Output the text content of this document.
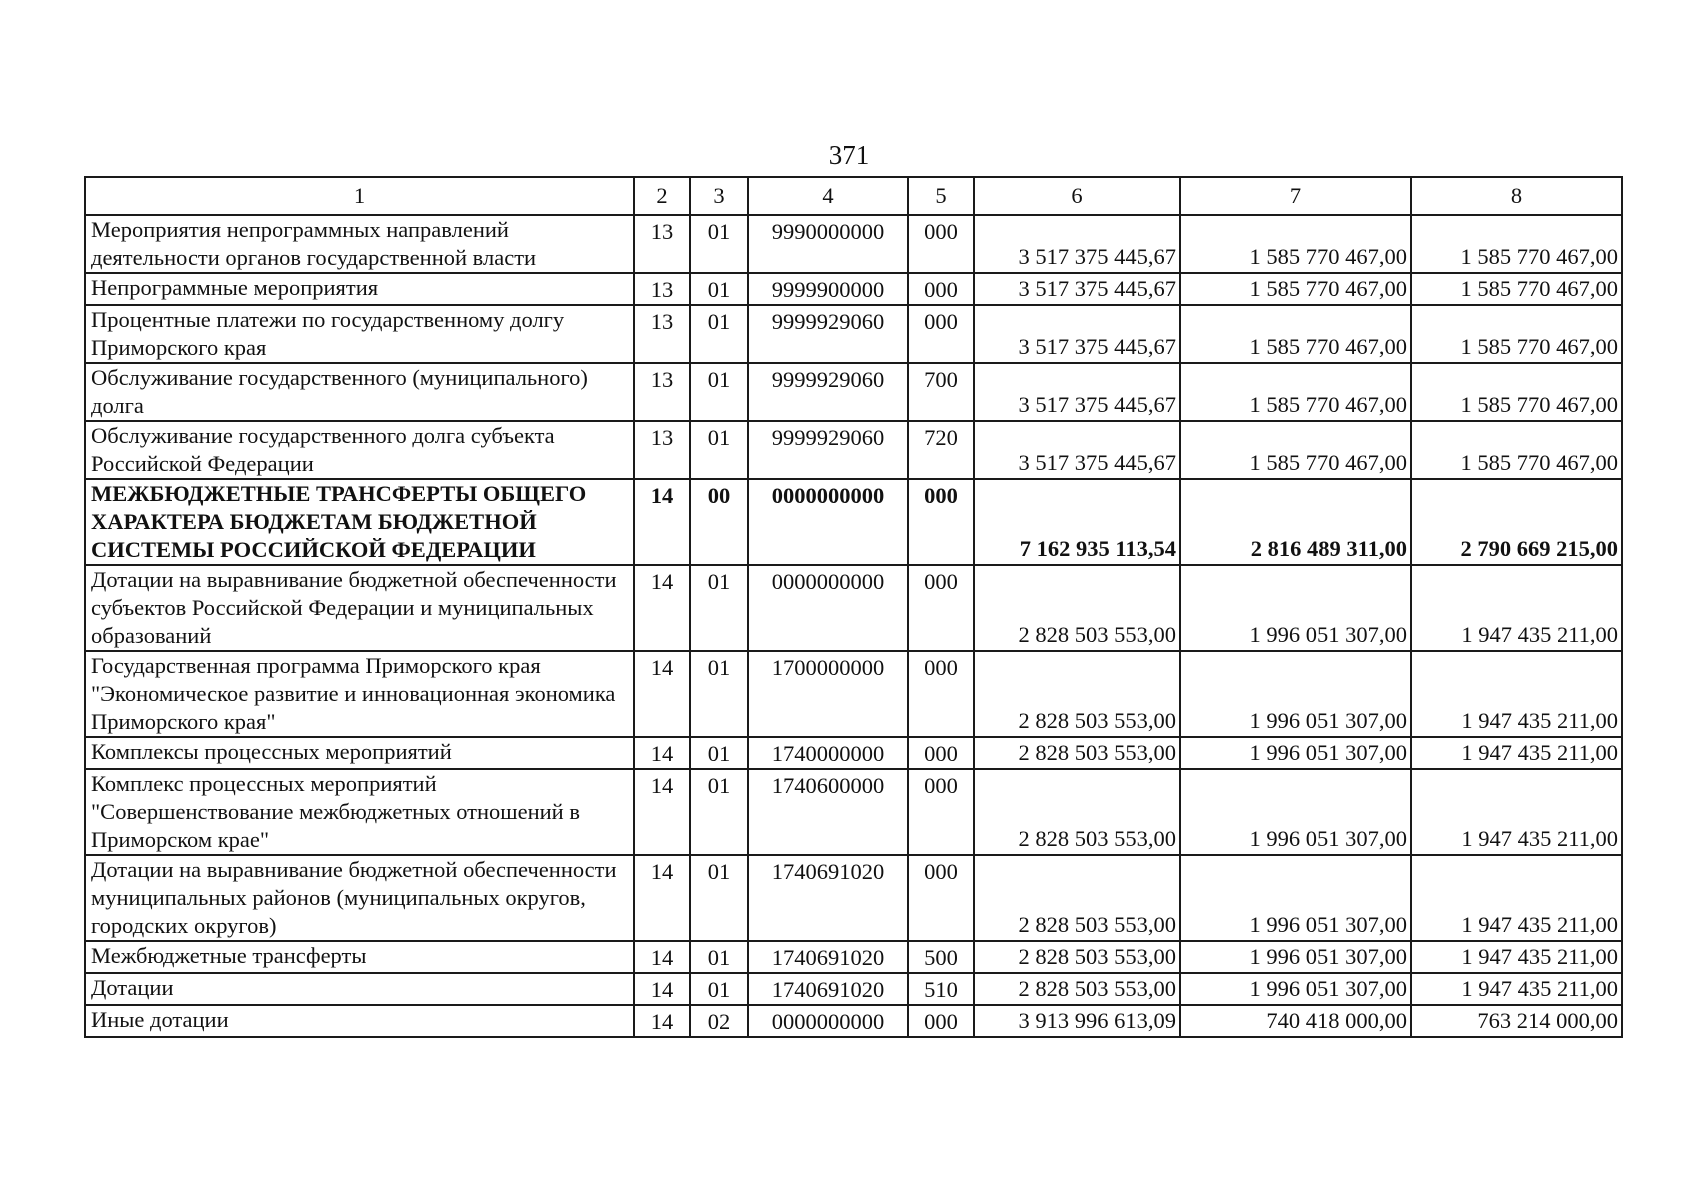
371
1	2	3	4	5	6	7	8
Мероприятия непрограммных направлений деятельности органов государственной власти	13	01	9990000000	000	3 517 375 445,67	1 585 770 467,00	1 585 770 467,00
Непрограммные мероприятия	13	01	9999900000	000	3 517 375 445,67	1 585 770 467,00	1 585 770 467,00
Процентные платежи по государственному долгу Приморского края	13	01	9999929060	000	3 517 375 445,67	1 585 770 467,00	1 585 770 467,00
Обслуживание государственного (муниципального) долга	13	01	9999929060	700	3 517 375 445,67	1 585 770 467,00	1 585 770 467,00
Обслуживание государственного долга субъекта Российской Федерации	13	01	9999929060	720	3 517 375 445,67	1 585 770 467,00	1 585 770 467,00
МЕЖБЮДЖЕТНЫЕ ТРАНСФЕРТЫ ОБЩЕГО ХАРАКТЕРА БЮДЖЕТАМ БЮДЖЕТНОЙ СИСТЕМЫ РОССИЙСКОЙ ФЕДЕРАЦИИ	14	00	0000000000	000	7 162 935 113,54	2 816 489 311,00	2 790 669 215,00
Дотации на выравнивание бюджетной обеспеченности субъектов Российской Федерации и муниципальных образований	14	01	0000000000	000	2 828 503 553,00	1 996 051 307,00	1 947 435 211,00
Государственная программа Приморского края "Экономическое развитие и инновационная экономика Приморского края"	14	01	1700000000	000	2 828 503 553,00	1 996 051 307,00	1 947 435 211,00
Комплексы процессных мероприятий	14	01	1740000000	000	2 828 503 553,00	1 996 051 307,00	1 947 435 211,00
Комплекс процессных мероприятий "Совершенствование межбюджетных отношений в Приморском крае"	14	01	1740600000	000	2 828 503 553,00	1 996 051 307,00	1 947 435 211,00
Дотации на выравнивание бюджетной обеспеченности муниципальных районов (муниципальных округов, городских округов)	14	01	1740691020	000	2 828 503 553,00	1 996 051 307,00	1 947 435 211,00
Межбюджетные трансферты	14	01	1740691020	500	2 828 503 553,00	1 996 051 307,00	1 947 435 211,00
Дотации	14	01	1740691020	510	2 828 503 553,00	1 996 051 307,00	1 947 435 211,00
Иные дотации	14	02	0000000000	000	3 913 996 613,09	740 418 000,00	763 214 000,00
